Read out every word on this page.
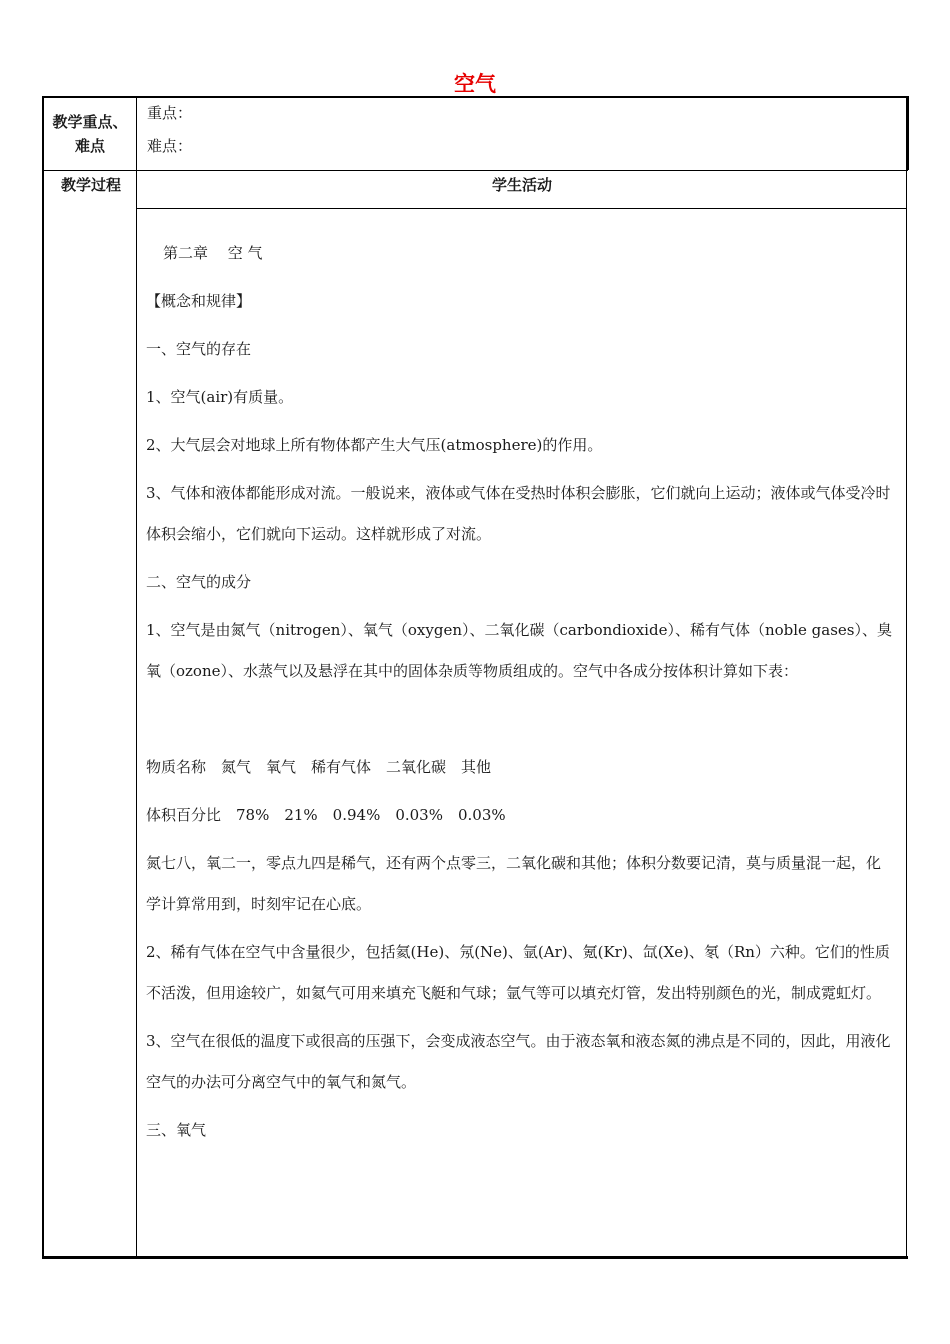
空气
教学重点、难点
重点：
难点：
教学过程	学生活动

第二章　 空 气

【概念和规律】

一、空气的存在

1、空气(air)有质量。

2、大气层会对地球上所有物体都产生大气压(atmosphere)的作用。

3、气体和液体都能形成对流。一般说来，液体或气体在受热时体积会膨胀，它们就向上运动；液体或气体受冷时体积会缩小，它们就向下运动。这样就形成了对流。

二、空气的成分

1、空气是由氮气（nitrogen）、氧气（oxygen）、二氧化碳（carbondioxide）、稀有气体（noble gases）、臭氧（ozone）、水蒸气以及悬浮在其中的固体杂质等物质组成的。空气中各成分按体积计算如下表：

物质名称　氮气　氧气　稀有气体　二氧化碳　其他

体积百分比　78%　21%　0.94%　0.03%　0.03%

氮七八，氧二一，零点九四是稀气，还有两个点零三，二氧化碳和其他；体积分数要记清，莫与质量混一起，化学计算常用到，时刻牢记在心底。

2、稀有气体在空气中含量很少，包括氦(He)、氖(Ne)、氩(Ar)、氪(Kr)、氙(Xe)、氡（Rn）六种。它们的性质不活泼，但用途较广，如氦气可用来填充飞艇和气球；氩气等可以填充灯管，发出特别颜色的光，制成霓虹灯。

3、空气在很低的温度下或很高的压强下，会变成液态空气。由于液态氧和液态氮的沸点是不同的，因此，用液化空气的办法可分离空气中的氧气和氮气。

三、氧气
